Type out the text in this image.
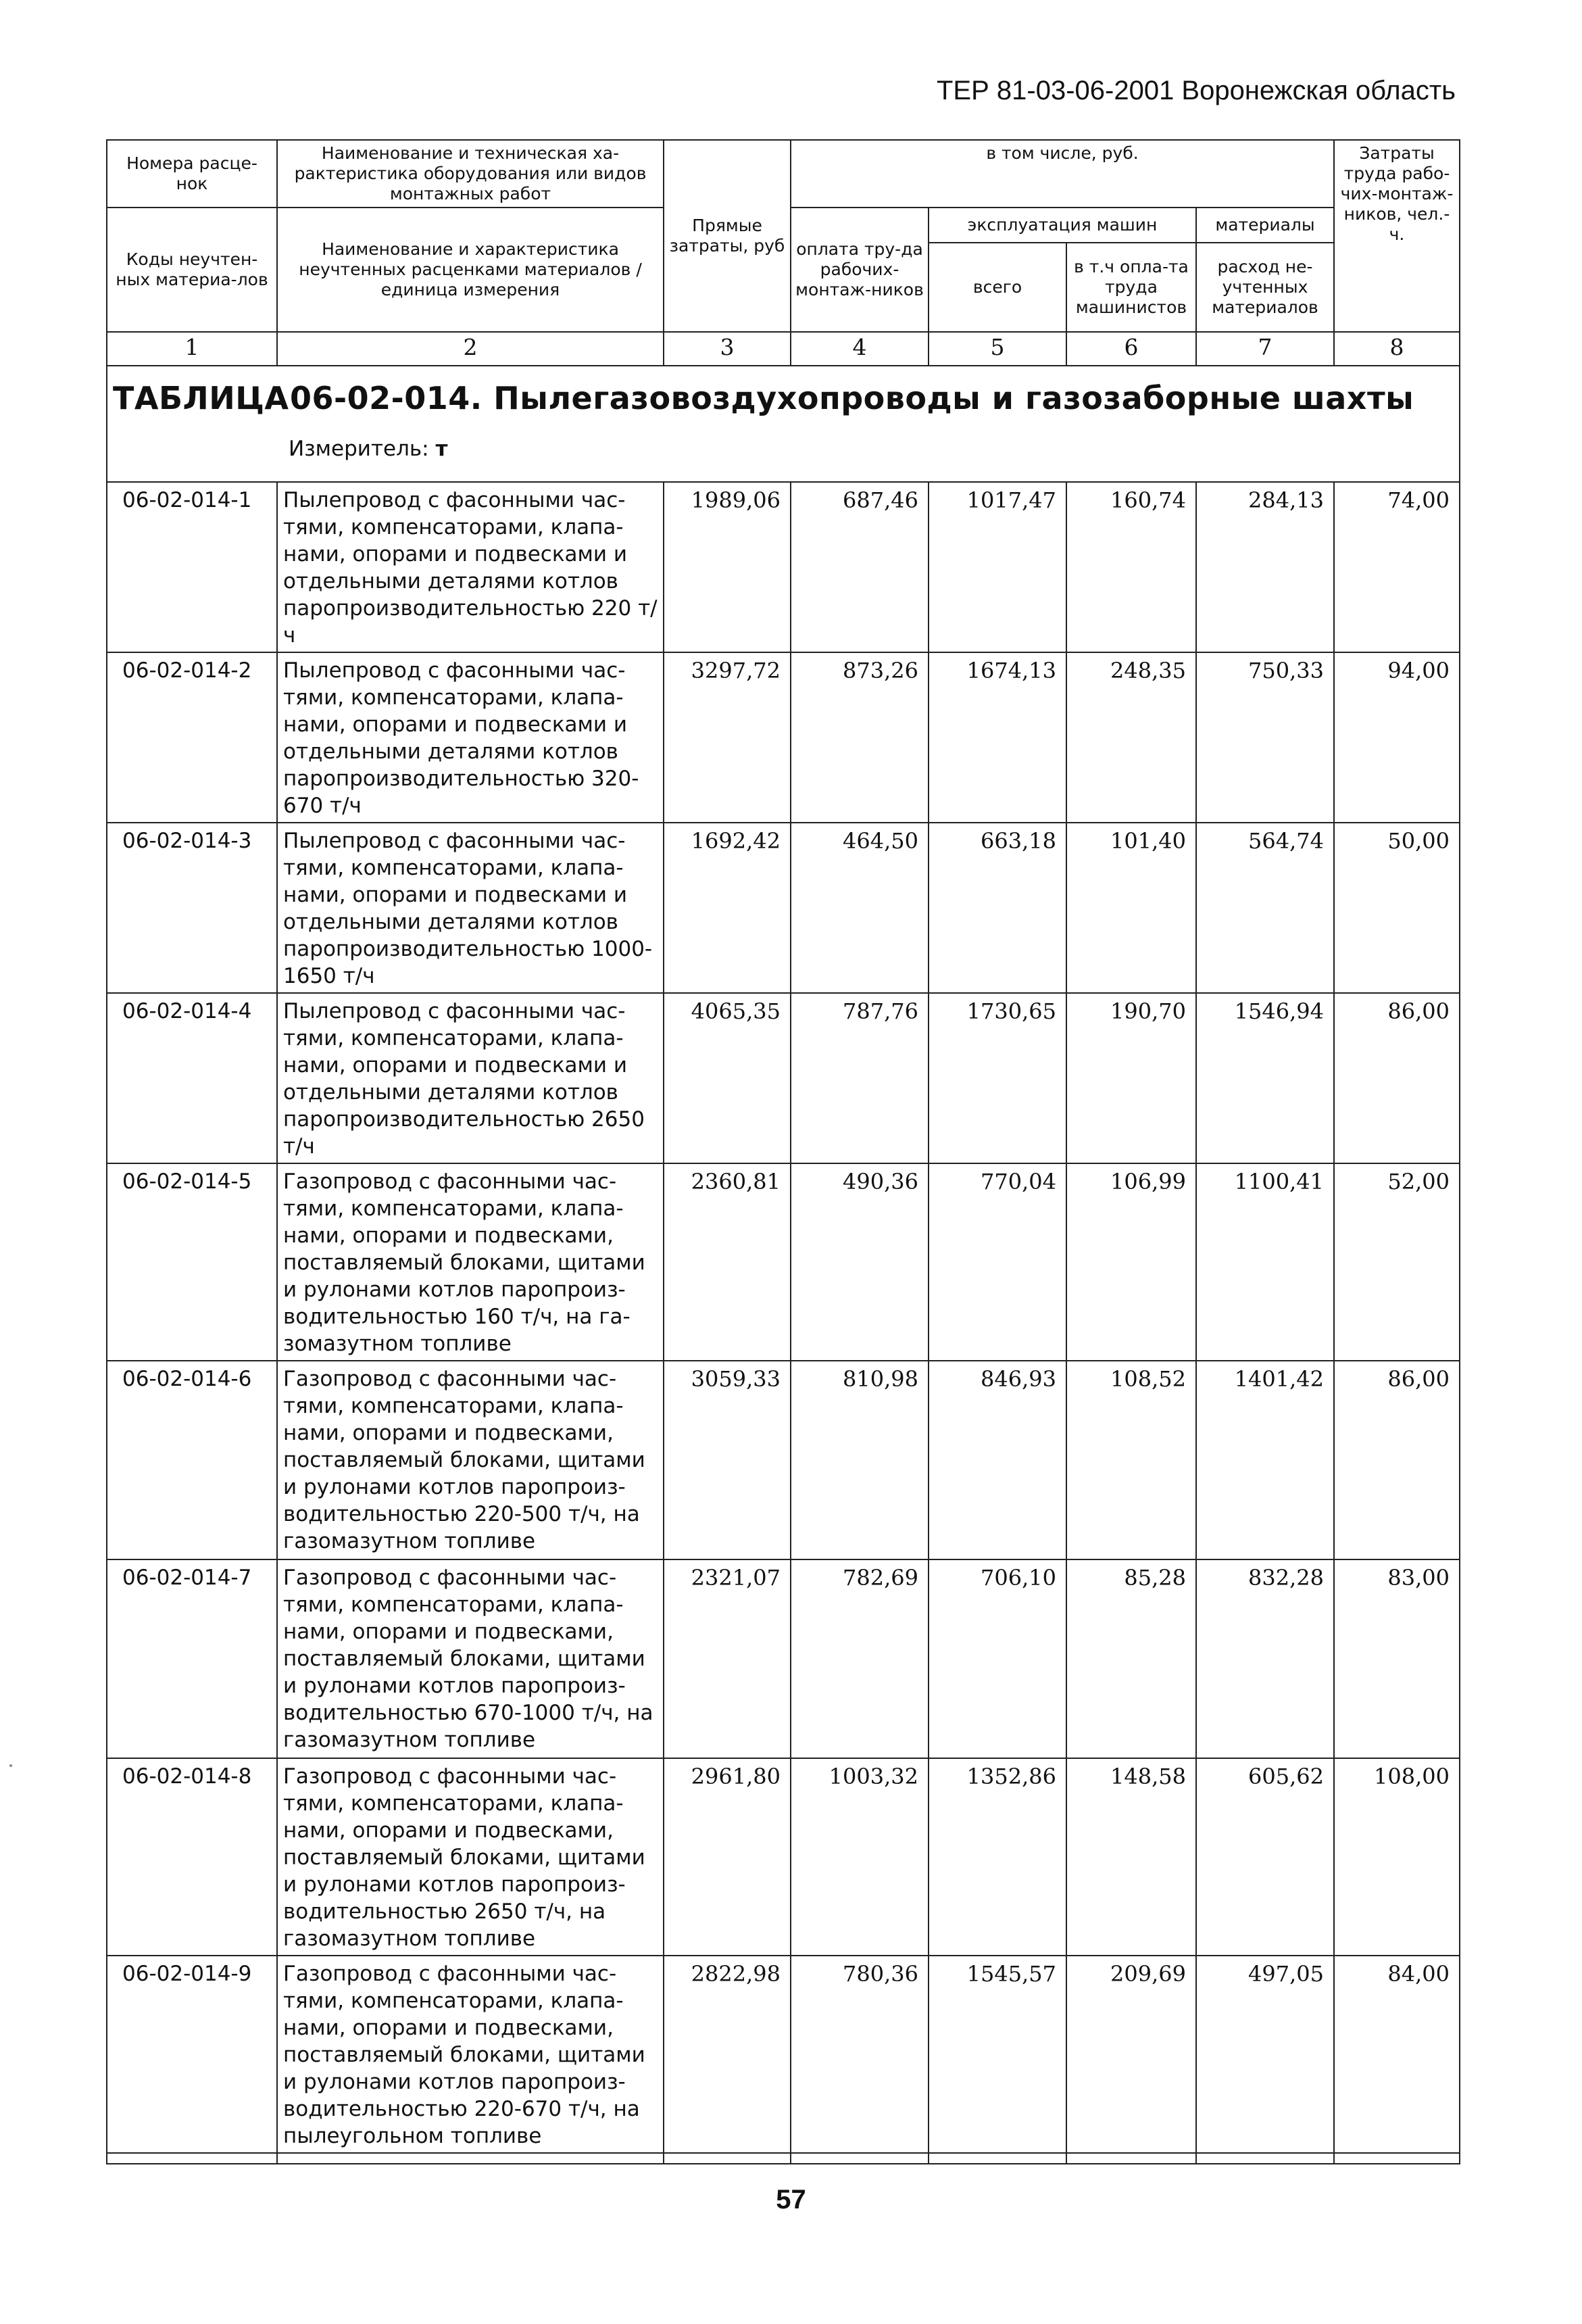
ТЕР 81-03-06-2001 Воронежская область
Номера расце-нок	Наименование и техническая ха-рактеристика оборудования или видов монтажных работ	Прямые затраты, руб	в том числе, руб.				Затраты труда рабо-чих-монтаж-ников, чел.-ч.
Коды неучтен-ных материа-лов	Наименование и характеристика неучтенных расценками материалов / единица измерения		оплата тру-да рабочих-монтаж-ников	эксплуатация машин		материалы	
				всего	в т.ч опла-та труда машинистов	расход не-учтенных материалов	
1	2	3	4	5	6	7	8

ТАБЛИЦА06-02-014. Пылегазовоздухопроводы и газозаборные шахты
Измеритель: т							

06-02-014-1	Пылепровод с фасонными час-тями, компенсаторами, клапа-нами, опорами и подвесками и отдельными деталями котлов паропроизводительностью 220 т/ч	1989,06	687,46	1017,47	160,74	284,13	74,00
06-02-014-2	Пылепровод с фасонными час-тями, компенсаторами, клапа-нами, опорами и подвесками и отдельными деталями котлов паропроизводительностью 320-670 т/ч	3297,72	873,26	1674,13	248,35	750,33	94,00
06-02-014-3	Пылепровод с фасонными час-тями, компенсаторами, клапа-нами, опорами и подвесками и отдельными деталями котлов паропроизводительностью 1000-1650 т/ч	1692,42	464,50	663,18	101,40	564,74	50,00
06-02-014-4	Пылепровод с фасонными час-тями, компенсаторами, клапа-нами, опорами и подвесками и отдельными деталями котлов паропроизводительностью 2650 т/ч	4065,35	787,76	1730,65	190,70	1546,94	86,00
06-02-014-5	Газопровод с фасонными час-тями, компенсаторами, клапа-нами, опорами и подвесками, поставляемый блоками, щитами и рулонами котлов паропроиз-водительностью 160 т/ч, на га-зомазутном топливе	2360,81	490,36	770,04	106,99	1100,41	52,00
06-02-014-6	Газопровод с фасонными час-тями, компенсаторами, клапа-нами, опорами и подвесками, поставляемый блоками, щитами и рулонами котлов паропроиз-водительностью 220-500 т/ч, на газомазутном топливе	3059,33	810,98	846,93	108,52	1401,42	86,00
06-02-014-7	Газопровод с фасонными час-тями, компенсаторами, клапа-нами, опорами и подвесками, поставляемый блоками, щитами и рулонами котлов паропроиз-водительностью 670-1000 т/ч, на газомазутном топливе	2321,07	782,69	706,10	85,28	832,28	83,00
06-02-014-8	Газопровод с фасонными час-тями, компенсаторами, клапа-нами, опорами и подвесками, поставляемый блоками, щитами и рулонами котлов паропроиз-водительностью 2650 т/ч, на газомазутном топливе	2961,80	1003,32	1352,86	148,58	605,62	108,00
06-02-014-9	Газопровод с фасонными час-тями, компенсаторами, клапа-нами, опорами и подвесками, поставляемый блоками, щитами и рулонами котлов паропроиз-водительностью 220-670 т/ч, на пылеугольном топливе	2822,98	780,36	1545,57	209,69	497,05	84,00

57
